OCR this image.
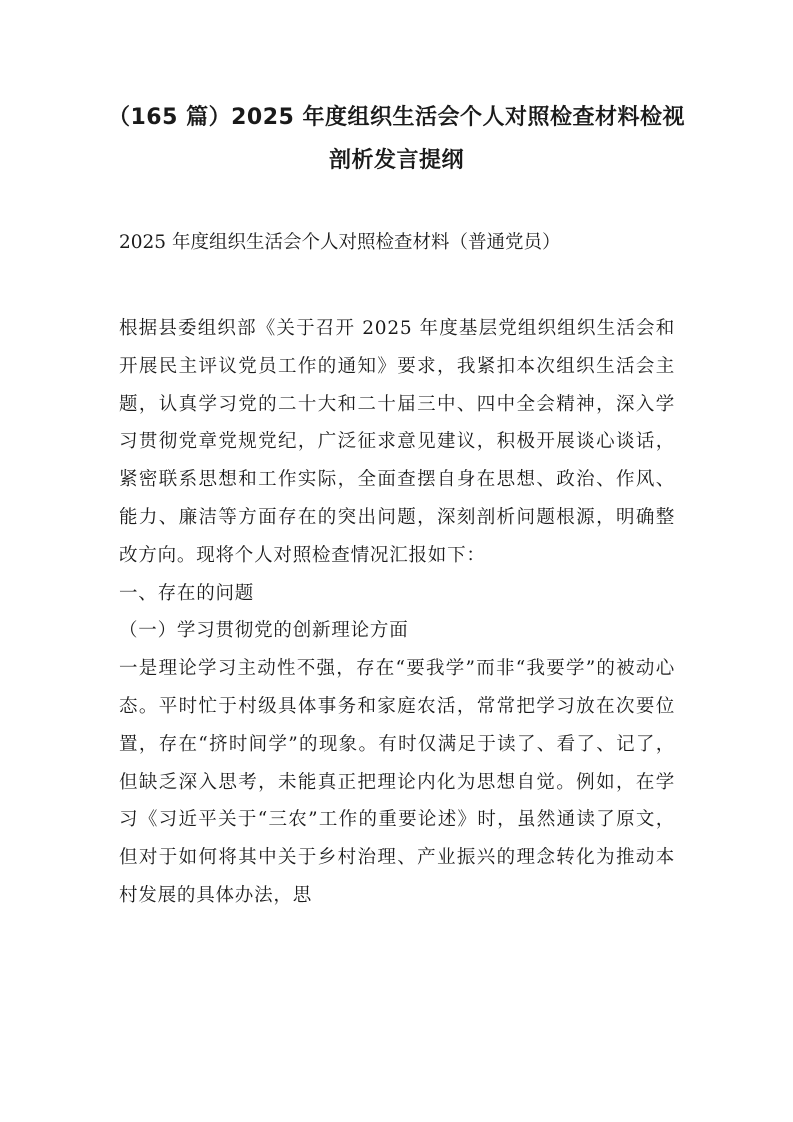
（165 篇）2025 年度组织生活会个人对照检查材料检视剖析发言提纲
2025 年度组织生活会个人对照检查材料（普通党员）

根据县委组织部《关于召开 2025 年度基层党组织组织生活会和开展民主评议党员工作的通知》要求，我紧扣本次组织生活会主题，认真学习党的二十大和二十届三中、四中全会精神，深入学习贯彻党章党规党纪，广泛征求意见建议，积极开展谈心谈话，紧密联系思想和工作实际，全面查摆自身在思想、政治、作风、能力、廉洁等方面存在的突出问题，深刻剖析问题根源，明确整改方向。现将个人对照检查情况汇报如下：

一、存在的问题

（一）学习贯彻党的创新理论方面

一是理论学习主动性不强，存在“要我学”而非“我要学”的被动心态。平时忙于村级具体事务和家庭农活，常常把学习放在次要位置，存在“挤时间学”的现象。有时仅满足于读了、看了、记了，但缺乏深入思考，未能真正把理论内化为思想自觉。例如，在学习《习近平关于“三农”工作的重要论述》时，虽然通读了原文，但对于如何将其中关于乡村治理、产业振兴的理念转化为推动本村发展的具体办法，思
